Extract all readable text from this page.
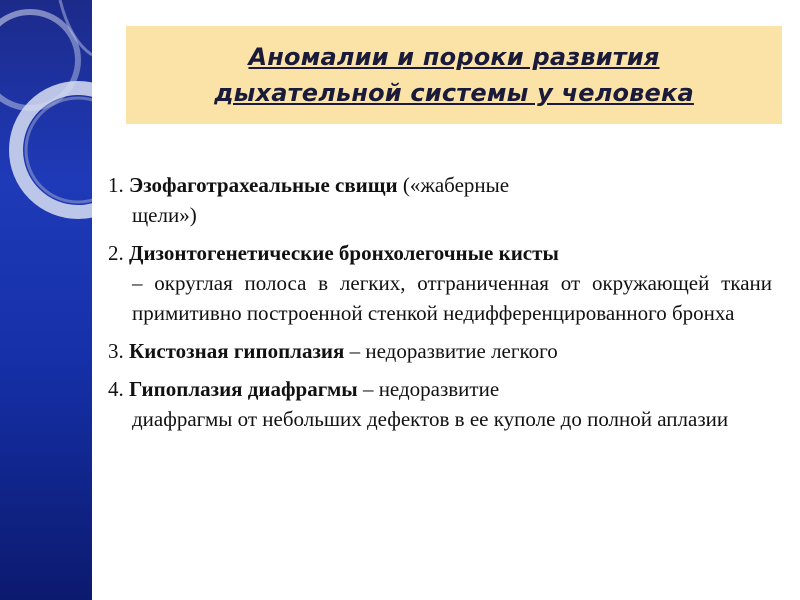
Аномалии и пороки развития
дыхательной системы у человека
1. Эзофаготрахеальные свищи («жаберные
щели»)
2. Дизонтогенетические бронхолегочные кисты
– округлая полоса в легких, отграниченная от окружающей ткани примитивно построенной стенкой недифференцированного бронха
3. Кистозная гипоплазия – недоразвитие легкого
4. Гипоплазия диафрагмы – недоразвитие
диафрагмы от небольших дефектов в ее куполе до полной аплазии
